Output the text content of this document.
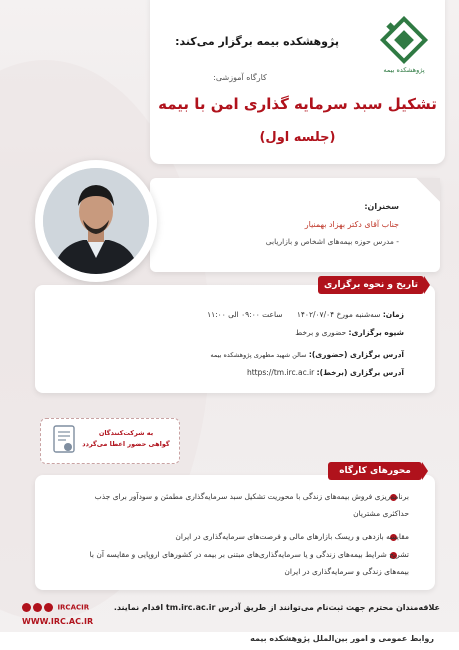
پژوهشکده بیمه برگزار می‌کند:
کارگاه آموزشی:
تشکیل سبد سرمایه گذاری امن با بیمه
(جلسه اول)
پژوهشکده بیمه
سخنران:
جناب آقای دکتر بهزاد بهمنیار
- مدرس حوزه بیمه‌های اشخاص و بازاریابی
تاریخ و نحوه برگزاری
زمان: سه‌شنبه مورخ ۱۴۰۲/۰۷/۰۴      ساعت ۰۹:۰۰ الی ۱۱:۰۰
شیوه برگزاری: حضوری و برخط
آدرس برگزاری (حضوری): سالن شهید مطهری پژوهشکده بیمه
آدرس برگزاری (برخط): https://tm.irc.ac.ir
به شرکت‌کنندگان
گواهی حضور اعطا می‌گردد
محورهای کارگاه
برنامه‌ریزی فروش بیمه‌های زندگی با محوریت تشکیل سبد سرمایه‌گذاری مطمئن و سودآور برای جذب حداکثری مشتریان
مقایسه بازدهی و ریسک بازارهای مالی و فرصت‌های سرمایه‌گذاری در ایران
تشریح شرایط بیمه‌های زندگی و یا سرمایه‌گذاری‌های مبتنی بر بیمه در کشورهای اروپایی و مقایسه آن با بیمه‌های زندگی و سرمایه‌گذاری در ایران
علاقه‌مندان محترم جهت ثبت‌نام می‌توانند از طریق آدرس tm.irc.ac.ir اقدام نمایند.
IRCACIR
WWW.IRC.AC.IR
روابط عمومی و امور بین‌الملل پژوهشکده بیمه
